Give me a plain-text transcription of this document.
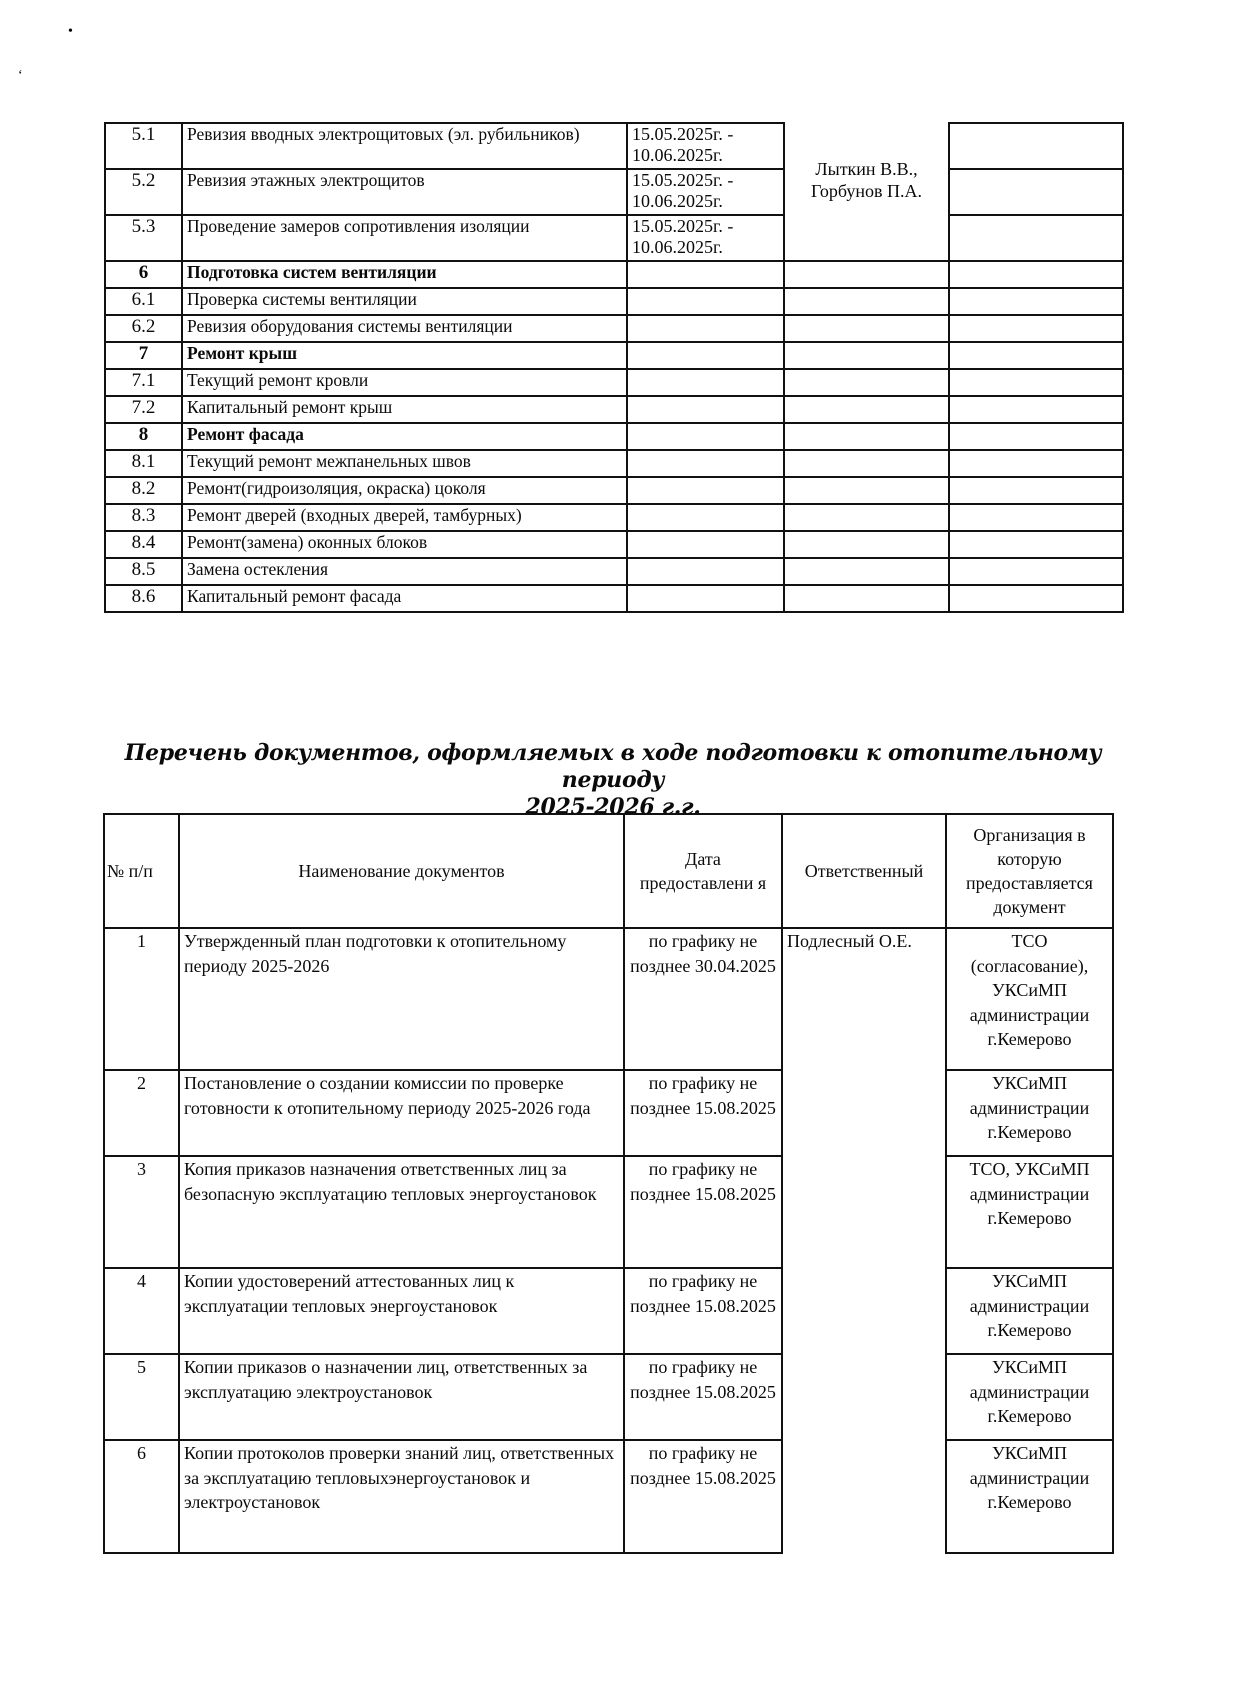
•
‘
5.1	Ревизия вводных электрощитовых (эл. рубильников)	15.05.2025г. -
10.06.2025г.	Лыткин В.В., Горбунов П.А.	
5.2	Ревизия этажных электрощитов	15.05.2025г. -
10.06.2025г.		
5.3	Проведение замеров сопротивления изоляции	15.05.2025г. -
10.06.2025г.		
6	Подготовка систем вентиляции			
6.1	Проверка системы вентиляции			
6.2	Ревизия оборудования системы вентиляции			
7	Ремонт крыш			
7.1	Текущий ремонт кровли			
7.2	Капитальный ремонт крыш			
8	Ремонт фасада			
8.1	Текущий ремонт межпанельных швов			
8.2	Ремонт(гидроизоляция, окраска) цоколя			
8.3	Ремонт дверей (входных дверей, тамбурных)			
8.4	Ремонт(замена) оконных блоков			
8.5	Замена остекления			
8.6	Капитальный ремонт фасада			
Перечень документов, оформляемых в ходе подготовки к отопительному периоду
2025-2026 г.г.
№ п/п	Наименование документов	Дата предоставлени я	Ответственный	Организация в которую предоставляется документ
1	Утвержденный план подготовки к отопительному периоду 2025-2026	по графику не позднее 30.04.2025	Подлесный О.Е.	ТСО (согласование), УКСиМП администрации г.Кемерово
2	Постановление о создании комиссии по проверке готовности к отопительному периоду 2025-2026 года	по графику не позднее 15.08.2025		УКСиМП администрации г.Кемерово
3	Копия приказов назначения ответственных лиц за безопасную эксплуатацию тепловых энергоустановок	по графику не позднее 15.08.2025		ТСО, УКСиМП администрации г.Кемерово
4	Копии удостоверений аттестованных лиц к эксплуатации тепловых энергоустановок	по графику не позднее 15.08.2025		УКСиМП администрации г.Кемерово
5	Копии приказов о назначении лиц, ответственных за эксплуатацию электроустановок	по графику не позднее 15.08.2025		УКСиМП администрации г.Кемерово
6	Копии протоколов проверки знаний лиц, ответственных за эксплуатацию тепловыхэнергоустановок и электроустановок	по графику не позднее 15.08.2025		УКСиМП администрации г.Кемерово
